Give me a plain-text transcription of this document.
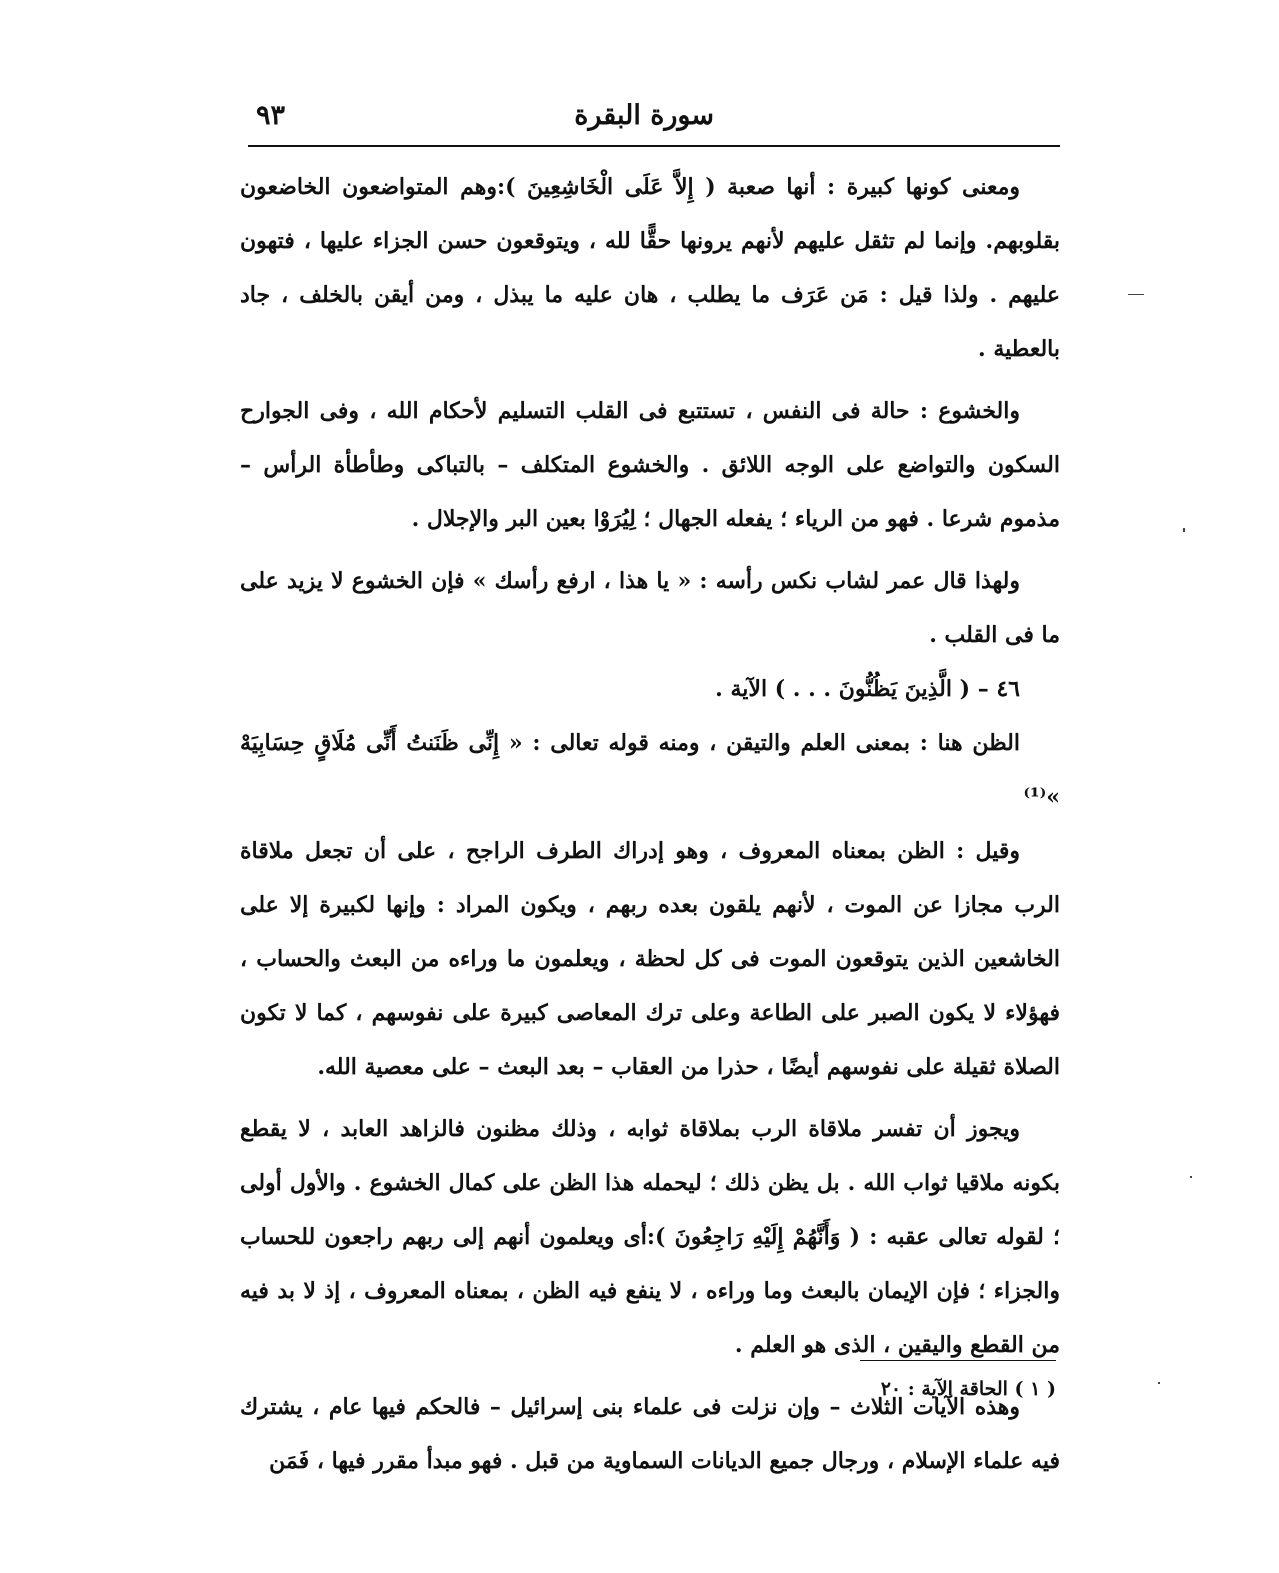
سورة البقرة
٩٣

ومعنى كونها كبيرة : أنها صعبة ( إِلاَّ عَلَى الْخَاشِعِينَ ):وهم المتواضعون الخاضعون بقلوبهم. وإنما لم تثقل عليهم لأنهم يرونها حقًّا لله ، ويتوقعون حسن الجزاء عليها ، فتهون عليهم . ولذا قيل : مَن عَرَف ما يطلب ، هان عليه ما يبذل ، ومن أيقن بالخلف ، جاد بالعطية .

والخشوع : حالة فى النفس ، تستتبع فى القلب التسليم لأحكام الله ، وفى الجوارح السكون والتواضع على الوجه اللائق . والخشوع المتكلف – بالتباكى وطأطأة الرأس – مذموم شرعا . فهو من الرياء ؛ يفعله الجهال ؛ لِيُرَوْا بعين البر والإجلال .

ولهذا قال عمر لشاب نكس رأسه : « يا هذا ، ارفع رأسك » فإن الخشوع لا يزيد على ما فى القلب .

٤٦ – ( الَّذِينَ يَظُنُّونَ . . . ) الآية .

الظن هنا : بمعنى العلم والتيقن ، ومنه قوله تعالى : « إِنِّى ظَنَنتُ أَنِّى مُلَاقٍ حِسَابِيَهْ »⁽¹⁾

وقيل : الظن بمعناه المعروف ، وهو إدراك الطرف الراجح ، على أن تجعل ملاقاة الرب مجازا عن الموت ، لأنهم يلقون بعده ربهم ، ويكون المراد : وإنها لكبيرة إلا على الخاشعين الذين يتوقعون الموت فى كل لحظة ، ويعلمون ما وراءه من البعث والحساب ، فهؤلاء لا يكون الصبر على الطاعة وعلى ترك المعاصى كبيرة على نفوسهم ، كما لا تكون الصلاة ثقيلة على نفوسهم أيضًا ، حذرا من العقاب – بعد البعث – على معصية الله.

ويجوز أن تفسر ملاقاة الرب بملاقاة ثوابه ، وذلك مظنون فالزاهد العابد ، لا يقطع بكونه ملاقيا ثواب الله . بل يظن ذلك ؛ ليحمله هذا الظن على كمال الخشوع . والأول أولى ؛ لقوله تعالى عقبه : ( وَأَنَّهُمْ إِلَيْهِ رَاجِعُونَ ):أى ويعلمون أنهم إلى ربهم راجعون للحساب والجزاء ؛ فإن الإيمان بالبعث وما وراءه ، لا ينفع فيه الظن ، بمعناه المعروف ، إذ لا بد فيه من القطع واليقين ، الذى هو العلم .

وهذه الآيات الثلاث – وإن نزلت فى علماء بنى إسرائيل – فالحكم فيها عام ، يشترك فيه علماء الإسلام ، ورجال جميع الديانات السماوية من قبل . فهو مبدأ مقرر فيها ، فَمَن

( ١ ) الحاقة الآية : ٢٠
